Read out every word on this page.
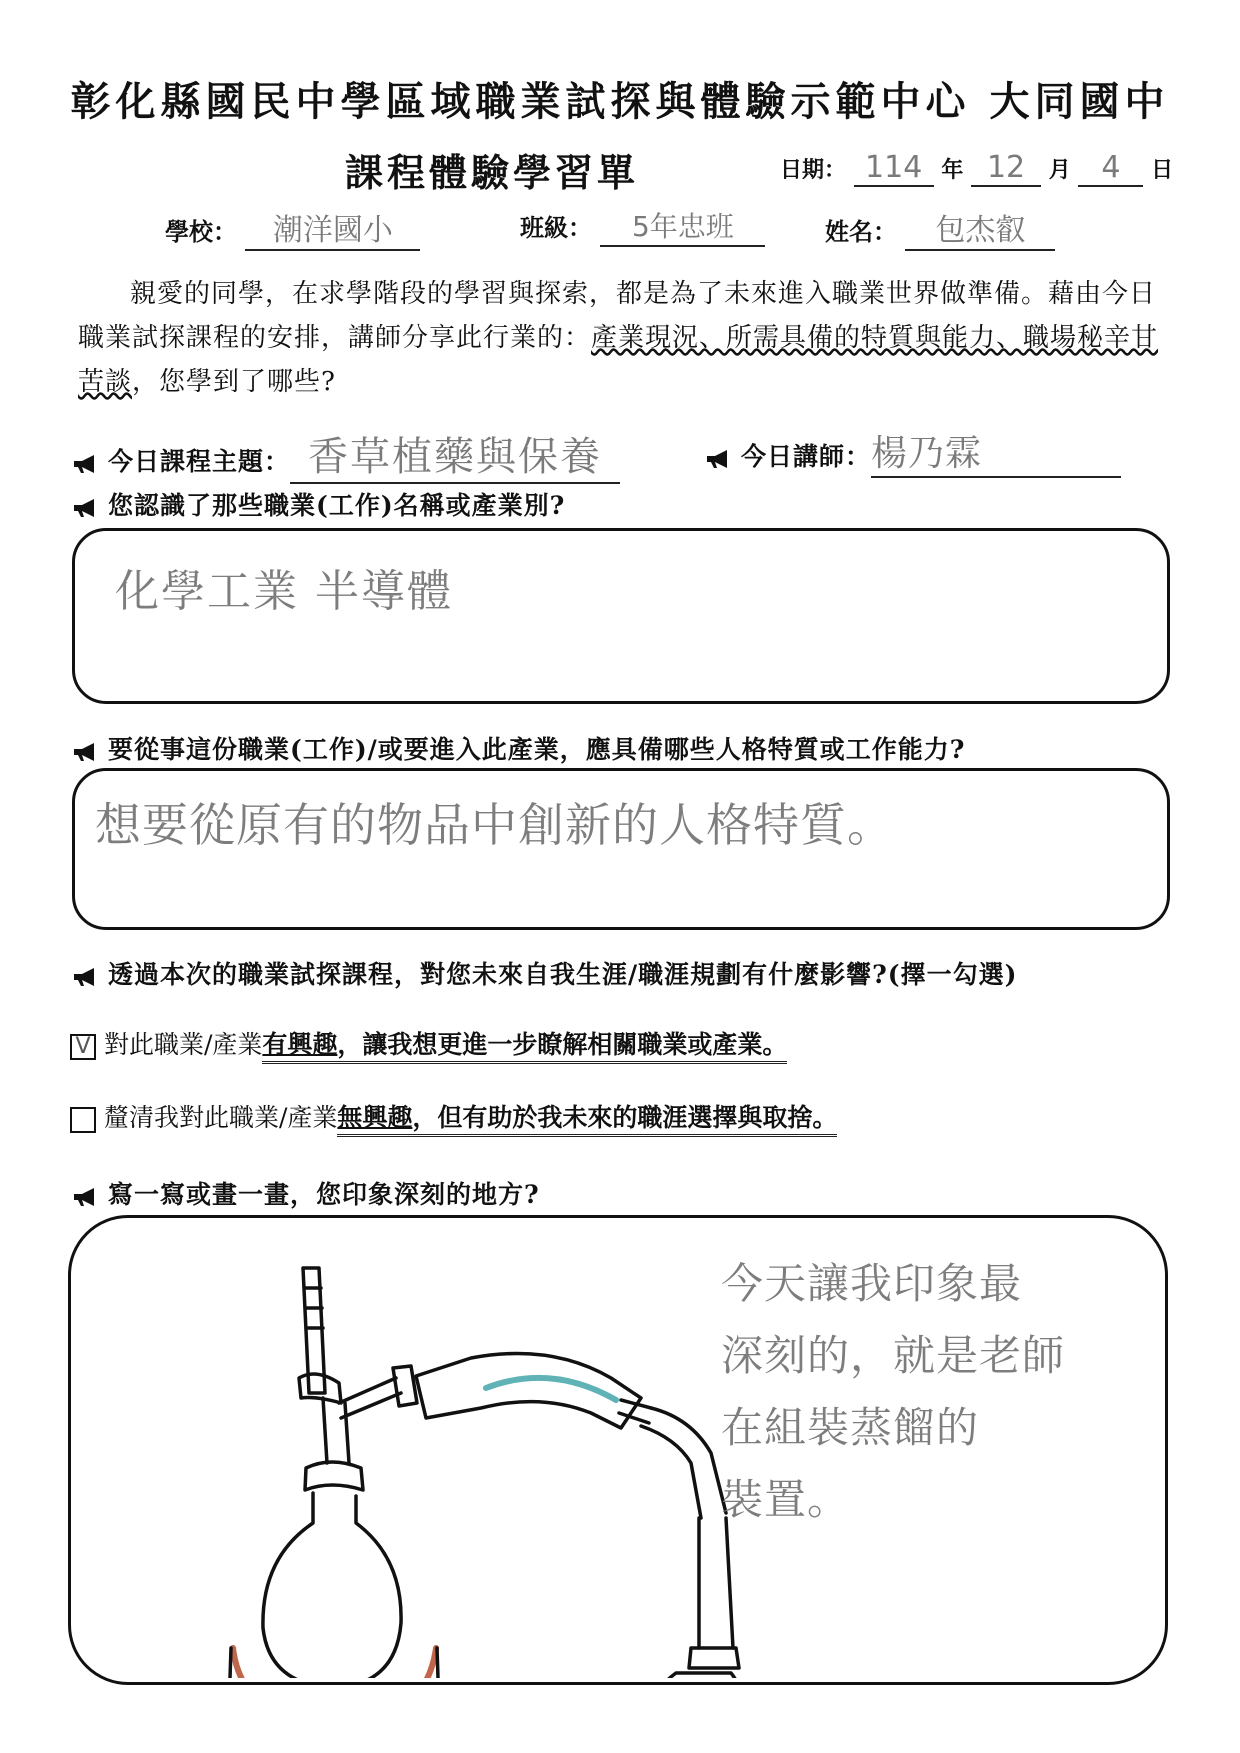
彰化縣國民中學區域職業試探與體驗示範中心 大同國中
課程體驗學習單	日期： 114 年 12 月 4 日
學校： 潮洋國小	班級： 5年忠班	姓名： 包杰叡
親愛的同學，在求學階段的學習與探索，都是為了未來進入職業世界做準備。藉由今日職業試探課程的安排，講師分享此行業的：產業現況、所需具備的特質與能力、職場秘辛甘苦談，您學到了哪些?
今日課程主題： 香草植藥與保養	今日講師：楊乃霖
您認識了那些職業(工作)名稱或產業別?
化學工業 半導體
要從事這份職業(工作)/或要進入此產業，應具備哪些人格特質或工作能力?
想要從原有的物品中創新的人格特質。
透過本次的職業試探課程，對您未來自我生涯/職涯規劃有什麼影響?(擇一勾選)
V 對此職業/產業有興趣，讓我想更進一步瞭解相關職業或產業。
釐清我對此職業/產業無興趣，但有助於我未來的職涯選擇與取捨。
寫一寫或畫一畫，您印象深刻的地方?
今天讓我印象最
深刻的，就是老師
在組裝蒸餾的
裝置。
